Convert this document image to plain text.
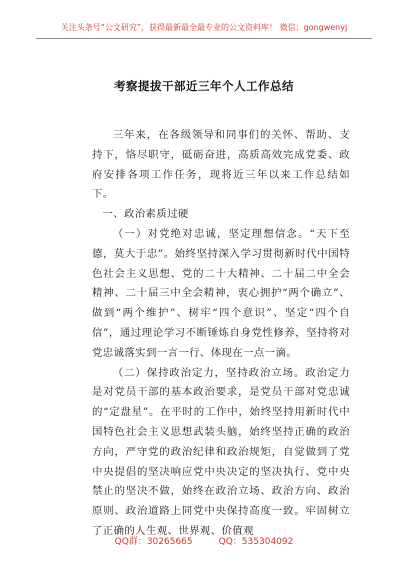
关注头条号“公文研究”，获得最新最全最专业的公文资料库！ 微信：gongwenyj
考察提拔干部近三年个人工作总结

三年来，在各级领导和同事们的关怀、帮助、支持下，恪尽职守，砥砺奋进，高质高效完成党委、政府安排各项工作任务，现将近三年以来工作总结如下。

一、政治素质过硬

（一）对党绝对忠诚，坚定理想信念。“天下至德，莫大于忠”。始终坚持深入学习贯彻新时代中国特色社会主义思想、党的二十大精神、二十届二中全会精神、二十届三中全会精神，衷心拥护“两个确立”、做到“两个维护”、树牢“四个意识”、坚定“四个自信”，通过理论学习不断锤炼自身党性修养，坚持将对党忠诚落实到一言一行、体现在一点一滴。

（二）保持政治定力，坚持政治立场。政治定力是对党员干部的基本政治要求，是党员干部对党忠诚的“定盘星”。在平时的工作中，始终坚持用新时代中国特色社会主义思想武装头脑，始终坚持正确的政治方向，严守党的政治纪律和政治规矩，自觉做到了党中央提倡的坚决响应党中央决定的坚决执行、党中央禁止的坚决不做，始终在政治立场、政治方向、政治原则、政治道路上同党中央保持高度一致。牢固树立了正确的人生观、世界观、价值观

QQ群：30265665	QQ：535304092
